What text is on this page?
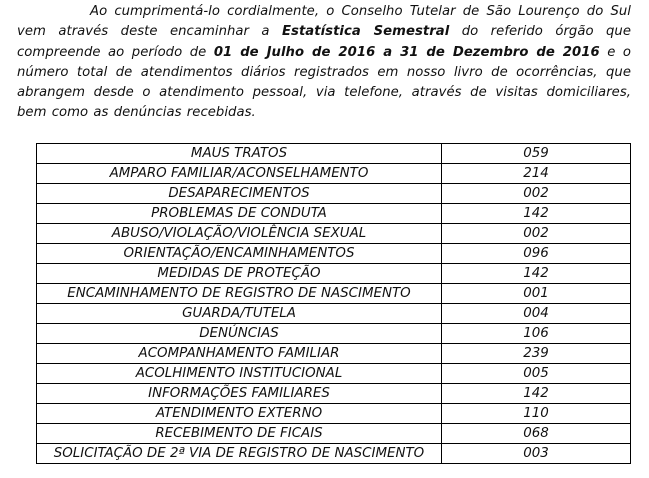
Ao cumprimentá-lo cordialmente, o Conselho Tutelar de São Lourenço do Sul vem através deste encaminhar a Estatística Semestral do referido órgão que compreende ao período de 01 de Julho de 2016 a 31 de Dezembro de 2016 e o número total de atendimentos diários registrados em nosso livro de ocorrências, que abrangem desde o atendimento pessoal, via telefone, através de visitas domiciliares, bem como as denúncias recebidas.

MAUS TRATOS	059
AMPARO FAMILIAR/ACONSELHAMENTO	214
DESAPARECIMENTOS	002
PROBLEMAS DE CONDUTA	142
ABUSO/VIOLAÇÃO/VIOLÊNCIA SEXUAL	002
ORIENTAÇÃO/ENCAMINHAMENTOS	096
MEDIDAS DE PROTEÇÃO	142
ENCAMINHAMENTO DE REGISTRO DE NASCIMENTO	001
GUARDA/TUTELA	004
DENÚNCIAS	106
ACOMPANHAMENTO FAMILIAR	239
ACOLHIMENTO INSTITUCIONAL	005
INFORMAÇÕES FAMILIARES	142
ATENDIMENTO EXTERNO	110
RECEBIMENTO DE FICAIS	068
SOLICITAÇÃO DE 2ª VIA DE REGISTRO DE NASCIMENTO	003
